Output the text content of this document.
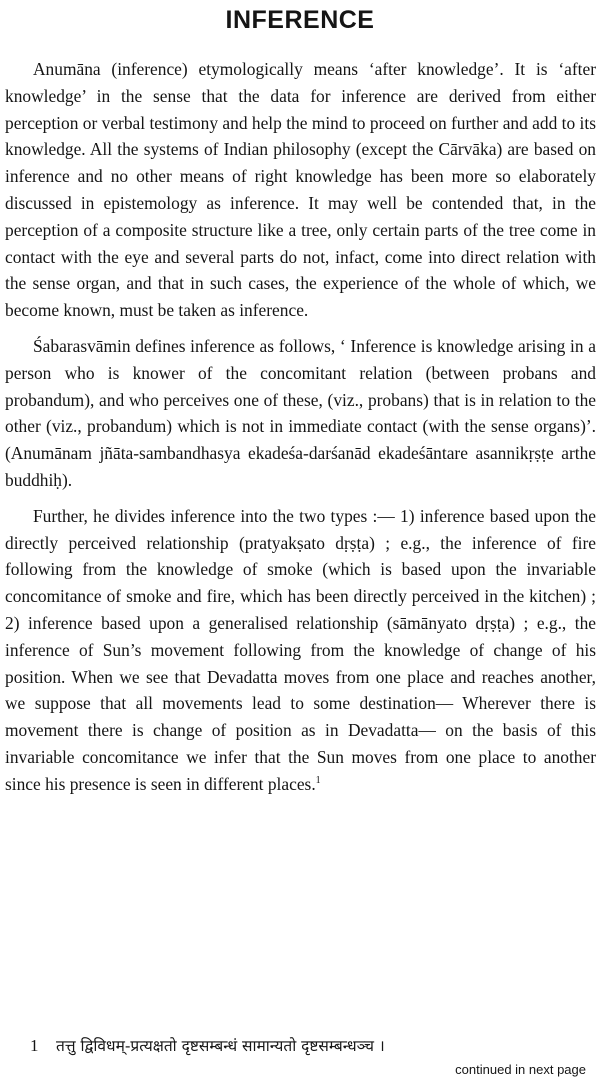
INFERENCE

Anumāna (inference) etymologically means ‘after knowledge’. It is ‘after knowledge’ in the sense that the data for inference are derived from either perception or verbal testimony and help the mind to proceed on further and add to its knowledge. All the systems of Indian philosophy (except the Cārvāka) are based on inference and no other means of right knowledge has been more so elaborately discussed in epistemology as inference. It may well be contended that, in the perception of a composite structure like a tree, only certain parts of the tree come in contact with the eye and several parts do not, infact, come into direct relation with the sense organ, and that in such cases, the experience of the whole of which, we become known, must be taken as inference.

Śabarasvāmin defines inference as follows, ‘ Inference is knowledge arising in a person who is knower of the concomitant relation (between probans and probandum), and who perceives one of these, (viz., probans) that is in relation to the other (viz., probandum) which is not in immediate contact (with the sense organs)’. (Anumānam jñāta-sambandhasya ekadeśa-darśanād ekadeśāntare asannikṛṣṭe arthe buddhiḥ).

Further, he divides inference into the two types :— 1) inference based upon the directly perceived relationship (pratyakṣato dṛṣṭa) ; e.g., the inference of fire following from the knowledge of smoke (which is based upon the invariable concomitance of smoke and fire, which has been directly perceived in the kitchen) ; 2) inference based upon a generalised relationship (sāmānyato dṛṣṭa) ; e.g., the inference of Sun’s movement following from the knowledge of change of his position. When we see that Devadatta moves from one place and reaches another, we suppose that all movements lead to some destination— Wherever there is movement there is change of position as in Devadatta— on the basis of this invariable concomitance we infer that the Sun moves from one place to another since his presence is seen in different places.$^1$

1 तत्तु द्विविधम्-प्रत्यक्षतो दृष्टसम्बन्धं सामान्यतो दृष्टसम्बन्धञ्च ।
continued in next page
